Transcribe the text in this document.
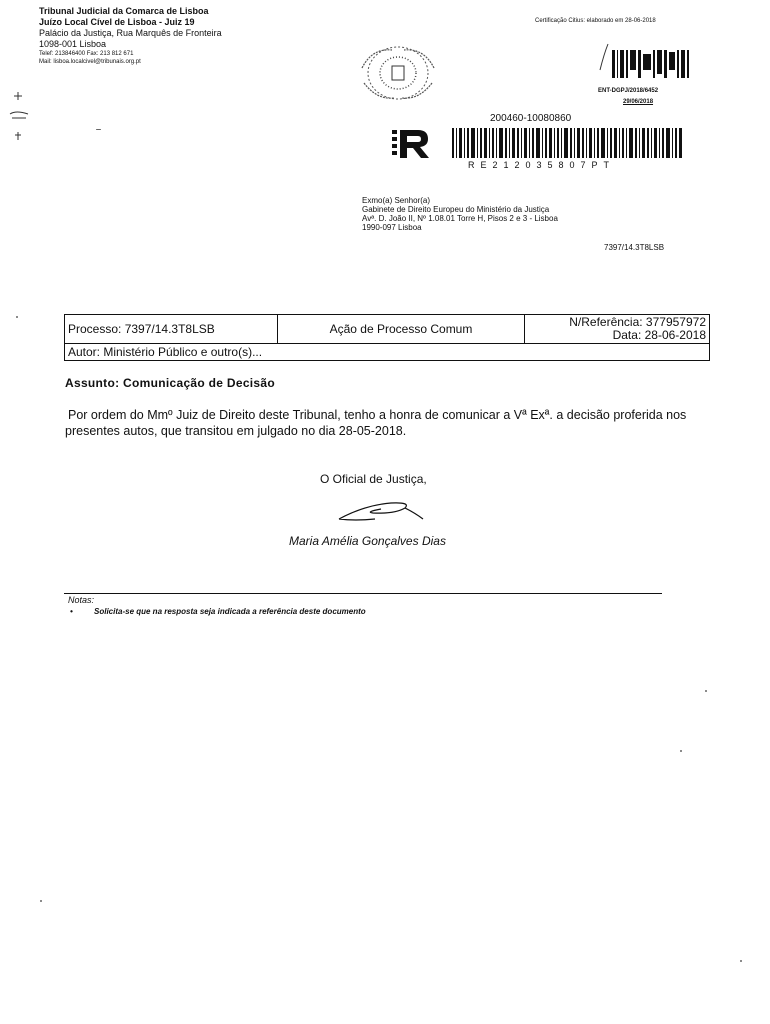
Tribunal Judicial da Comarca de Lisboa
Juízo Local Cível de Lisboa - Juiz 19
Palácio da Justiça, Rua Marquês de Fronteira
1098-001 Lisboa
Telef: 213846400 Fax: 213 812 671
Mail: lisboa.localcivel@tribunais.org.pt
Certificação Citius: elaborado em 28-06-2018
ENT-DGPJ/2018/6452
29/06/2018
200460-10080860
RE212035807PT
Exmo(a) Senhor(a)
Gabinete de Direito Europeu do Ministério da Justiça
Avª. D. João II, Nº 1.08.01 Torre H, Pisos 2 e 3 - Lisboa
1990-097 Lisboa
7397/14.3T8LSB
Processo: 7397/14.3T8LSB	Ação de Processo Comum	N/Referência: 377957972
Data: 28-06-2018

Autor: Ministério Público e outro(s)...
Assunto: Comunicação de Decisão
Por ordem do Mmº Juiz de Direito deste Tribunal, tenho a honra de comunicar a Vª Exª. a decisão proferida nos presentes autos, que transitou em julgado no dia 28-05-2018.
O Oficial de Justiça,
Maria Amélia Gonçalves Dias
Notas:
•	Solicita-se que na resposta seja indicada a referência deste documento
